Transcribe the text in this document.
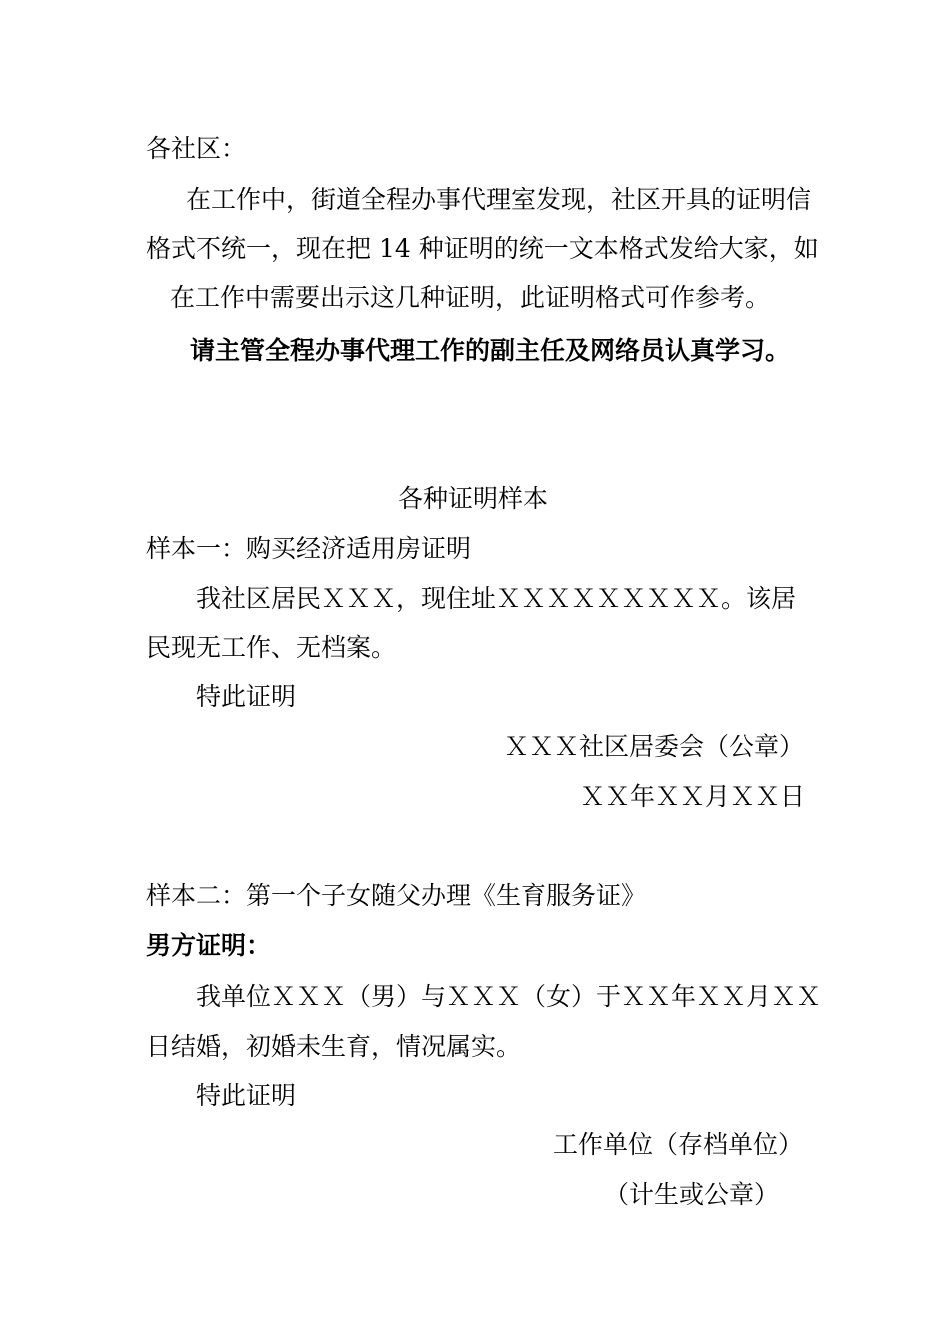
各社区：
在工作中，街道全程办事代理室发现，社区开具的证明信
格式不统一，现在把 14 种证明的统一文本格式发给大家，如
在工作中需要出示这几种证明，此证明格式可作参考。
请主管全程办事代理工作的副主任及网络员认真学习。
各种证明样本
样本一：购买经济适用房证明
我社区居民ＸＸＸ，现住址ＸＸＸＸＸＸＸＸＸ。该居
民现无工作、无档案。
特此证明
ＸＸＸ社区居委会（公章）
ＸＸ年ＸＸ月ＸＸ日
样本二：第一个子女随父办理《生育服务证》
男方证明：
我单位ＸＸＸ（男）与ＸＸＸ（女）于ＸＸ年ＸＸ月ＸＸ
日结婚，初婚未生育，情况属实。
特此证明
工作单位（存档单位）
（计生或公章）
